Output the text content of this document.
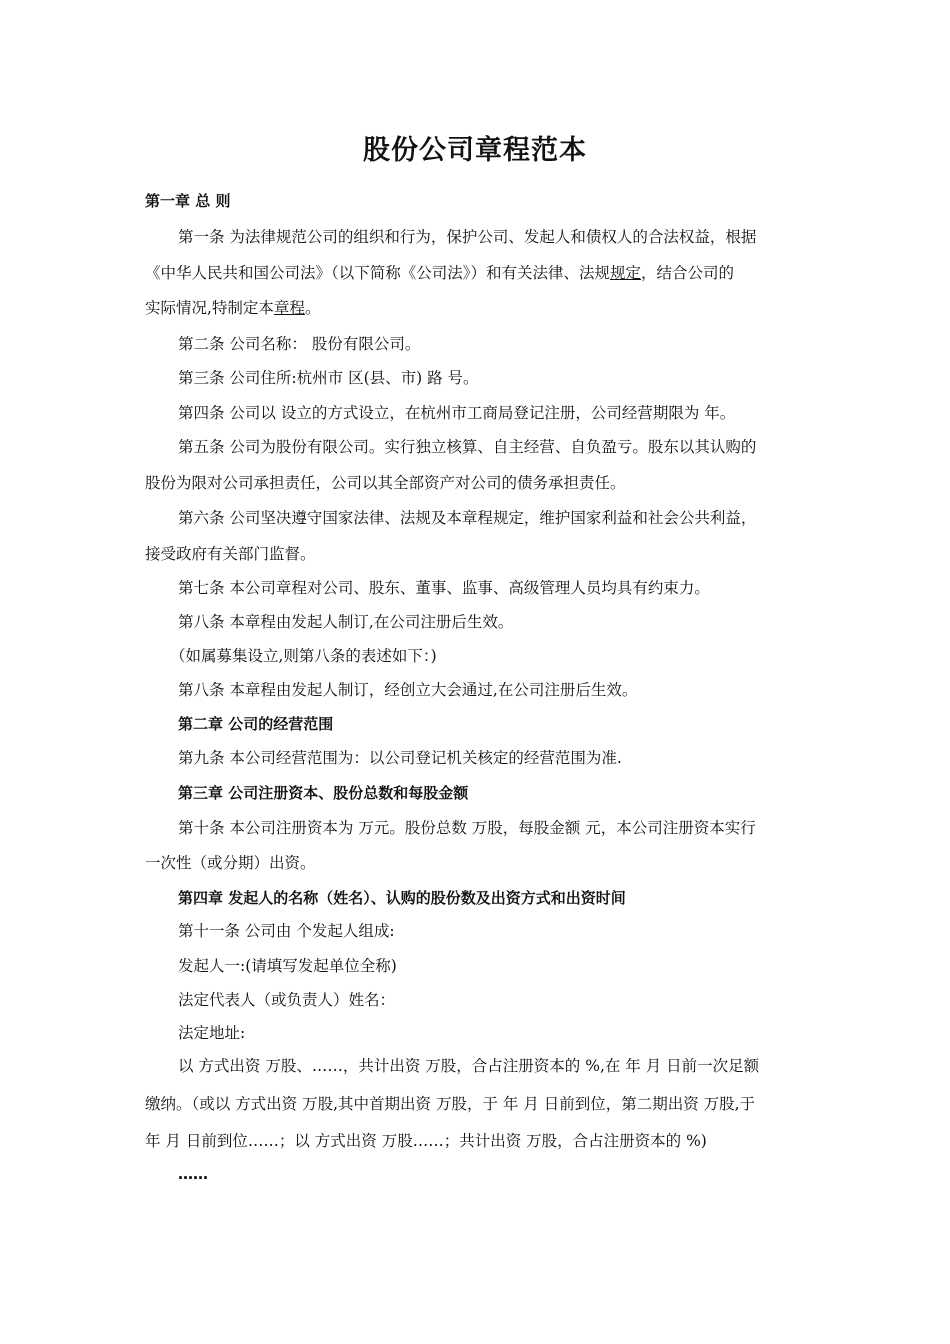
股份公司章程范本
第一章 总 则
第一条 为法律规范公司的组织和行为，保护公司、发起人和债权人的合法权益，根据
《中华人民共和国公司法》（以下简称《公司法》）和有关法律、法规规定，结合公司的
实际情况,特制定本章程。
第二条 公司名称： 股份有限公司。
第三条 公司住所:杭州市 区(县、市) 路 号。
第四条 公司以 设立的方式设立，在杭州市工商局登记注册，公司经营期限为 年。
第五条 公司为股份有限公司。实行独立核算、自主经营、自负盈亏。股东以其认购的
股份为限对公司承担责任，公司以其全部资产对公司的债务承担责任。
第六条 公司坚决遵守国家法律、法规及本章程规定，维护国家利益和社会公共利益，
接受政府有关部门监督。
第七条 本公司章程对公司、股东、董事、监事、高级管理人员均具有约束力。
第八条 本章程由发起人制订,在公司注册后生效。
（如属募集设立,则第八条的表述如下：)
第八条 本章程由发起人制订，经创立大会通过,在公司注册后生效。
第二章 公司的经营范围
第九条 本公司经营范围为：以公司登记机关核定的经营范围为准.
第三章 公司注册资本、股份总数和每股金额
第十条 本公司注册资本为 万元。股份总数 万股，每股金额 元，本公司注册资本实行
一次性（或分期）出资。
第四章 发起人的名称（姓名）、认购的股份数及出资方式和出资时间
第十一条 公司由 个发起人组成:
发起人一:(请填写发起单位全称)
法定代表人（或负责人）姓名：
法定地址:
以 方式出资 万股、……，共计出资 万股，合占注册资本的 %,在 年 月 日前一次足额
缴纳。（或以 方式出资 万股,其中首期出资 万股，于 年 月 日前到位，第二期出资 万股,于
年 月 日前到位……；以 方式出资 万股……；共计出资 万股，合占注册资本的 %)
……
